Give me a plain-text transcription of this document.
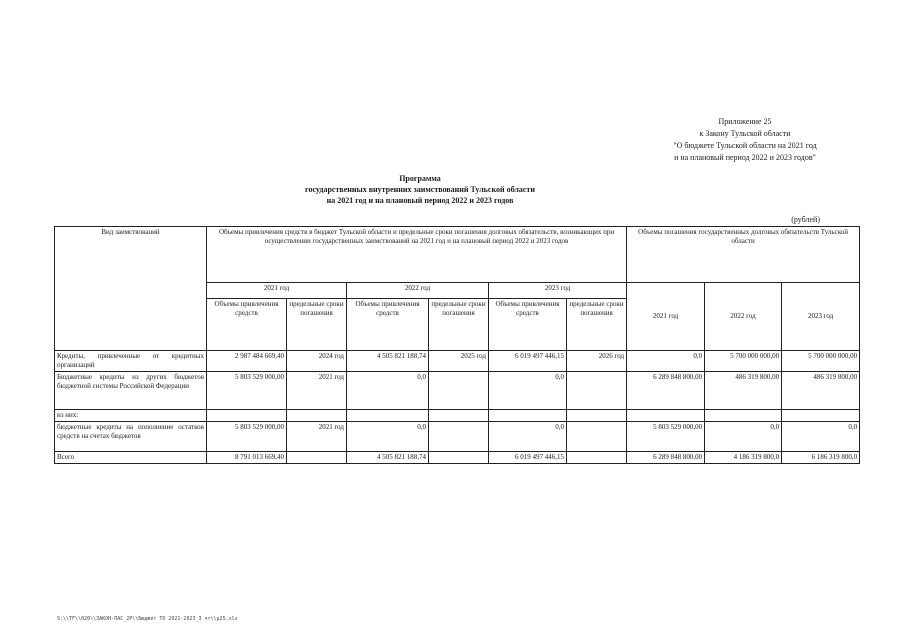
Приложение 25
к Закону Тульской области
"О бюджете Тульской области на 2021 год
и на плановый период 2022 и 2023 годов"
Программа
государственных внутренних заимствований Тульской области
на 2021 год и на плановый период 2022 и 2023 годов
(рублей)
Вид заимствований	Объемы привлечения средств в бюджет Тульской области и предельные сроки погашения долговых обязательств, возникающих при осуществлении государственных заимствований на 2021 год и на плановый период 2022 и 2023 годов						Объемы погашения государственных долговых обязательств Тульской области		
	2021 год		2022 год		2023 год		2021 год	2022 год	2023 год
	Объемы привлечения средств	предельные сроки погашения	Объемы привлечения средств	предельные сроки погашения	Объемы привлечения средств	предельные сроки погашения			
Кредиты, привлеченные от кредитных организаций	2 987 484 669,40	2024 год	4 505 821 188,74	2025 год	6 019 497 446,15	2026 год	0,0	5 700 000 000,00	5 700 000 000,00
Бюджетные кредиты из других бюджетов бюджетной системы Российской Федерации	5 803 529 000,00	2021 год	0,0		0,0		6 289 848 800,00	486 319 800,00	486 319 800,00
из них:									
бюджетные кредиты на пополнение остатков средств на счетах бюджетов	5 803 529 000,00	2021 год	0,0		0,0		5 803 529 000,00	0,0	0,0
Всего	8 791 013 669,40		4 505 821 188,74		6 019 497 446,15		6 289 848 800,00	4 186 319 800,0	6 186 319 800,0
S:\\TF\\020\\ЗАКОН-ПАС_2P\\Бюджет TO 2021-2023_3 чт\\р25.xls
